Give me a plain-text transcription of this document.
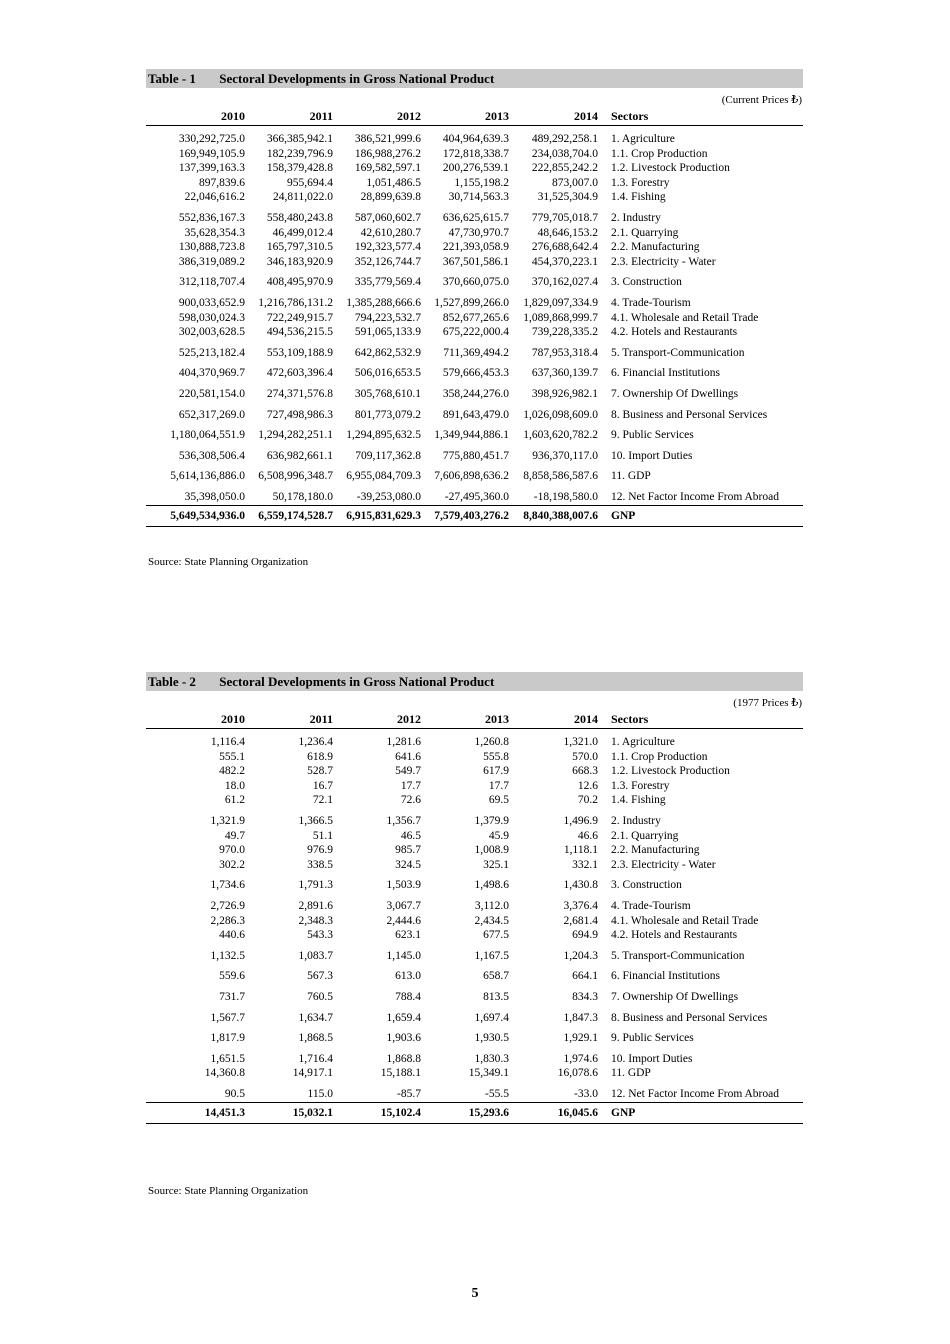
Table - 1 Sectoral Developments in Gross National Product
(Current Prices ₺)
2010	2011	2012	2013	2014	Sectors
330,292,725.0	366,385,942.1	386,521,999.6	404,964,639.3	489,292,258.1	1. Agriculture
169,949,105.9	182,239,796.9	186,988,276.2	172,818,338.7	234,038,704.0	1.1. Crop Production
137,399,163.3	158,379,428.8	169,582,597.1	200,276,539.1	222,855,242.2	1.2. Livestock Production
897,839.6	955,694.4	1,051,486.5	1,155,198.2	873,007.0	1.3. Forestry
22,046,616.2	24,811,022.0	28,899,639.8	30,714,563.3	31,525,304.9	1.4. Fishing
552,836,167.3	558,480,243.8	587,060,602.7	636,625,615.7	779,705,018.7	2. Industry
35,628,354.3	46,499,012.4	42,610,280.7	47,730,970.7	48,646,153.2	2.1. Quarrying
130,888,723.8	165,797,310.5	192,323,577.4	221,393,058.9	276,688,642.4	2.2. Manufacturing
386,319,089.2	346,183,920.9	352,126,744.7	367,501,586.1	454,370,223.1	2.3. Electricity - Water
312,118,707.4	408,495,970.9	335,779,569.4	370,660,075.0	370,162,027.4	3. Construction
900,033,652.9	1,216,786,131.2	1,385,288,666.6	1,527,899,266.0	1,829,097,334.9	4. Trade-Tourism
598,030,024.3	722,249,915.7	794,223,532.7	852,677,265.6	1,089,868,999.7	4.1. Wholesale and Retail Trade
302,003,628.5	494,536,215.5	591,065,133.9	675,222,000.4	739,228,335.2	4.2. Hotels and Restaurants
525,213,182.4	553,109,188.9	642,862,532.9	711,369,494.2	787,953,318.4	5. Transport-Communication
404,370,969.7	472,603,396.4	506,016,653.5	579,666,453.3	637,360,139.7	6. Financial Institutions
220,581,154.0	274,371,576.8	305,768,610.1	358,244,276.0	398,926,982.1	7. Ownership Of Dwellings
652,317,269.0	727,498,986.3	801,773,079.2	891,643,479.0	1,026,098,609.0	8. Business and Personal Services
1,180,064,551.9	1,294,282,251.1	1,294,895,632.5	1,349,944,886.1	1,603,620,782.2	9. Public Services
536,308,506.4	636,982,661.1	709,117,362.8	775,880,451.7	936,370,117.0	10. Import Duties
5,614,136,886.0	6,508,996,348.7	6,955,084,709.3	7,606,898,636.2	8,858,586,587.6	11. GDP
35,398,050.0	50,178,180.0	-39,253,080.0	-27,495,360.0	-18,198,580.0	12. Net Factor Income From Abroad
5,649,534,936.0	6,559,174,528.7	6,915,831,629.3	7,579,403,276.2	8,840,388,007.6	GNP
Source: State Planning Organization
Table - 2 Sectoral Developments in Gross National Product
(1977 Prices ₺)
2010	2011	2012	2013	2014	Sectors
1,116.4	1,236.4	1,281.6	1,260.8	1,321.0	1. Agriculture
555.1	618.9	641.6	555.8	570.0	1.1. Crop Production
482.2	528.7	549.7	617.9	668.3	1.2. Livestock Production
18.0	16.7	17.7	17.7	12.6	1.3. Forestry
61.2	72.1	72.6	69.5	70.2	1.4. Fishing
1,321.9	1,366.5	1,356.7	1,379.9	1,496.9	2. Industry
49.7	51.1	46.5	45.9	46.6	2.1. Quarrying
970.0	976.9	985.7	1,008.9	1,118.1	2.2. Manufacturing
302.2	338.5	324.5	325.1	332.1	2.3. Electricity - Water
1,734.6	1,791.3	1,503.9	1,498.6	1,430.8	3. Construction
2,726.9	2,891.6	3,067.7	3,112.0	3,376.4	4. Trade-Tourism
2,286.3	2,348.3	2,444.6	2,434.5	2,681.4	4.1. Wholesale and Retail Trade
440.6	543.3	623.1	677.5	694.9	4.2. Hotels and Restaurants
1,132.5	1,083.7	1,145.0	1,167.5	1,204.3	5. Transport-Communication
559.6	567.3	613.0	658.7	664.1	6. Financial Institutions
731.7	760.5	788.4	813.5	834.3	7. Ownership Of Dwellings
1,567.7	1,634.7	1,659.4	1,697.4	1,847.3	8. Business and Personal Services
1,817.9	1,868.5	1,903.6	1,930.5	1,929.1	9. Public Services
1,651.5	1,716.4	1,868.8	1,830.3	1,974.6	10. Import Duties
14,360.8	14,917.1	15,188.1	15,349.1	16,078.6	11. GDP
90.5	115.0	-85.7	-55.5	-33.0	12. Net Factor Income From Abroad
14,451.3	15,032.1	15,102.4	15,293.6	16,045.6	GNP
Source: State Planning Organization
5
